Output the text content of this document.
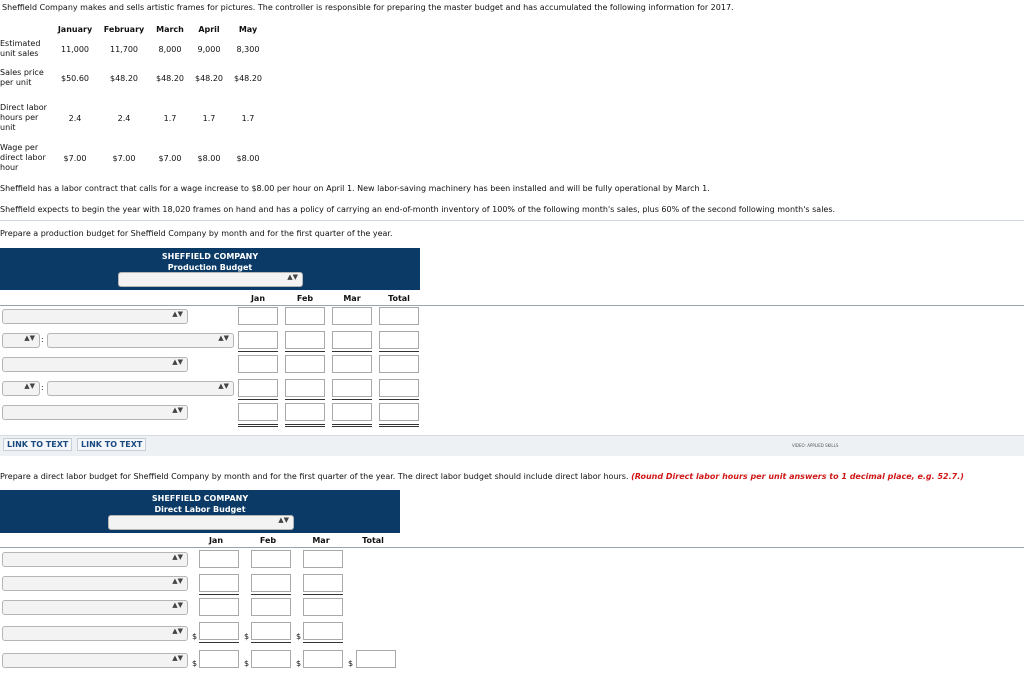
Sheffield Company makes and sells artistic frames for pictures. The controller is responsible for preparing the master budget and has accumulated the following information for 2017.
	January	February	March	April	May
Estimated unit sales	11,000	11,700	8,000	9,000	8,300
Sales price per unit	$50.60	$48.20	$48.20	$48.20	$48.20
Direct labor hours per unit	2.4	2.4	1.7	1.7	1.7
Wage per direct labor hour	$7.00	$7.00	$7.00	$8.00	$8.00
Sheffield has a labor contract that calls for a wage increase to $8.00 per hour on April 1. New labor-saving machinery has been installed and will be fully operational by March 1.
Sheffield expects to begin the year with 18,020 frames on hand and has a policy of carrying an end-of-month inventory of 100% of the following month's sales, plus 60% of the second following month's sales.
Prepare a production budget for Sheffield Company by month and for the first quarter of the year.
SHEFFIELD COMPANY
Production Budget
▲▼
Jan	Feb	Mar	Total
▲▼
▲▼ :	▲▼
▲▼
▲▼ :	▲▼
▲▼
LINK TO TEXT	LINK TO TEXT	VIDEO: APPLIED SKILLS
Prepare a direct labor budget for Sheffield Company by month and for the first quarter of the year. The direct labor budget should include direct labor hours. (Round Direct labor hours per unit answers to 1 decimal place, e.g. 52.7.)
SHEFFIELD COMPANY
Direct Labor Budget
▲▼
Jan	Feb	Mar	Total
▲▼
▲▼
▲▼
▲▼
$	$	$
▲▼
$	$	$	$
